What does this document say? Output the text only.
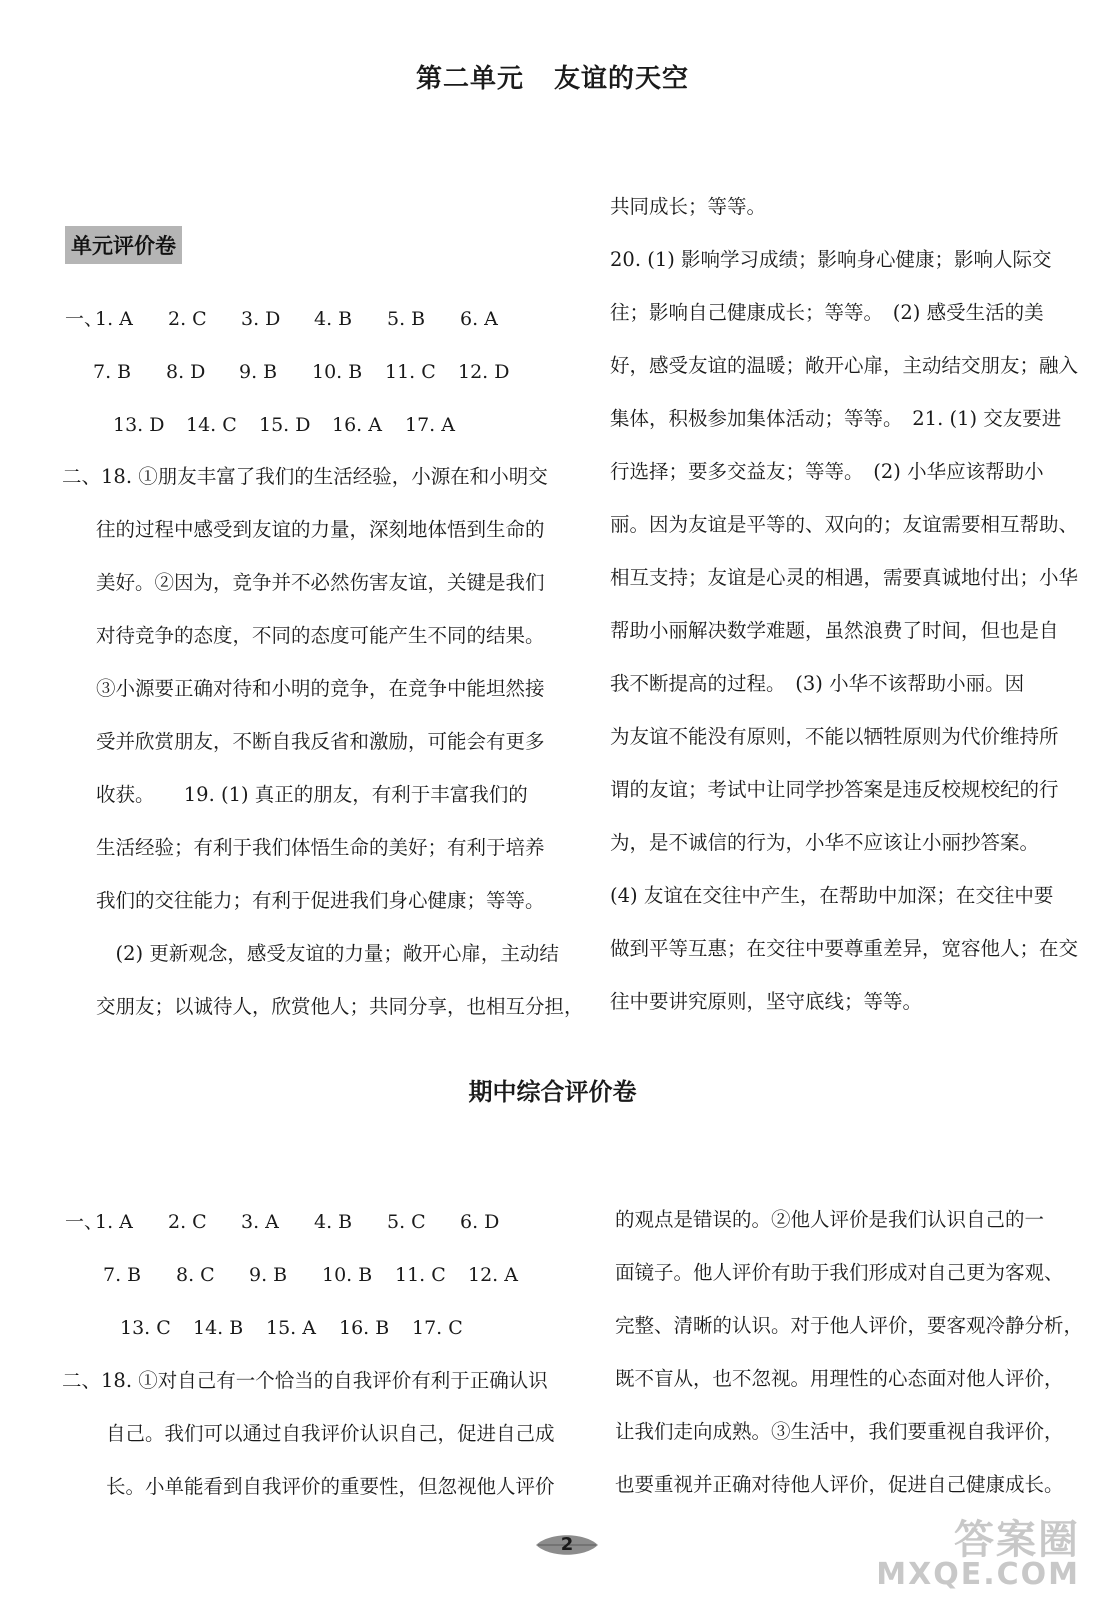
第二单元 友谊的天空
单元评价卷
一、1. A 2. C 3. D 4. B 5. B 6. A
7. B 8. D 9. B 10. B 11. C 12. D
13. D 14. C 15. D 16. A 17. A

二、18. ①朋友丰富了我们的生活经验，小源在和小明交

往的过程中感受到友谊的力量，深刻地体悟到生命的

美好。②因为，竞争并不必然伤害友谊，关键是我们

对待竞争的态度，不同的态度可能产生不同的结果。

③小源要正确对待和小明的竞争，在竞争中能坦然接

受并欣赏朋友，不断自我反省和激励，可能会有更多

收获。　　19. (1) 真正的朋友，有利于丰富我们的

生活经验；有利于我们体悟生命的美好；有利于培养

我们的交往能力；有利于促进我们身心健康；等等。

　(2) 更新观念，感受友谊的力量；敞开心扉，主动结

交朋友；以诚待人，欣赏他人；共同分享，也相互分担，

共同成长；等等。

20. (1) 影响学习成绩；影响身心健康；影响人际交

往；影响自己健康成长；等等。　(2) 感受生活的美

好，感受友谊的温暖；敞开心扉，主动结交朋友；融入

集体，积极参加集体活动；等等。　21. (1) 交友要进

行选择；要多交益友；等等。　(2) 小华应该帮助小

丽。因为友谊是平等的、双向的；友谊需要相互帮助、

相互支持；友谊是心灵的相遇，需要真诚地付出；小华

帮助小丽解决数学难题，虽然浪费了时间，但也是自

我不断提高的过程。　(3) 小华不该帮助小丽。因

为友谊不能没有原则，不能以牺牲原则为代价维持所

谓的友谊；考试中让同学抄答案是违反校规校纪的行

为，是不诚信的行为，小华不应该让小丽抄答案。

(4) 友谊在交往中产生，在帮助中加深；在交往中要

做到平等互惠；在交往中要尊重差异，宽容他人；在交

往中要讲究原则，坚守底线；等等。

期中综合评价卷
一、1. A 2. C 3. A 4. B 5. C 6. D
7. B 8. C 9. B 10. B 11. C 12. A
13. C 14. B 15. A 16. B 17. C

二、18. ①对自己有一个恰当的自我评价有利于正确认识

自己。我们可以通过自我评价认识自己，促进自己成

长。小单能看到自我评价的重要性，但忽视他人评价

的观点是错误的。②他人评价是我们认识自己的一

面镜子。他人评价有助于我们形成对自己更为客观、

完整、清晰的认识。对于他人评价，要客观冷静分析，

既不盲从，也不忽视。用理性的心态面对他人评价，

让我们走向成熟。③生活中，我们要重视自我评价，

也要重视并正确对待他人评价，促进自己健康成长。

2	答案圈
MXQE.COM
